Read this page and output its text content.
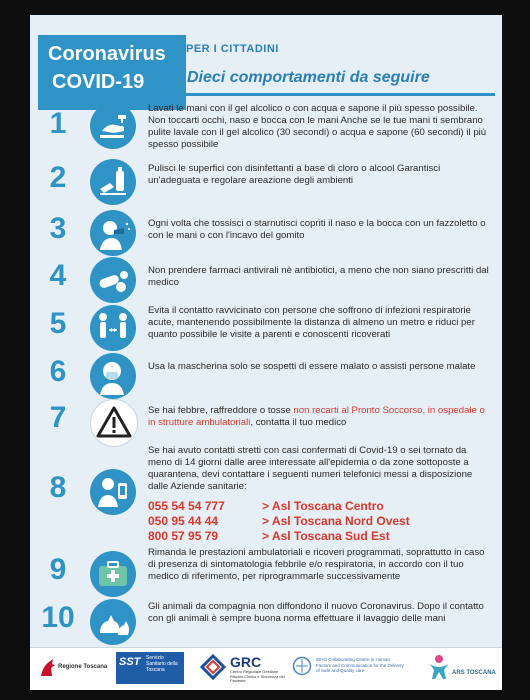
Coronavirus
COVID-19
PER I CITTADINI
Dieci comportamenti da seguire
1	Lavati le mani con il gel alcolico o con acqua e sapone il più spesso possibile. Non toccarti occhi, naso e bocca con le mani Anche se le tue mani ti sembrano pulite lavale con il gel alcolico (30 secondi) o acqua e sapone (60 secondi) il più spesso possibile
2	Pulisci le superfici con disinfettanti a base di cloro o alcool Garantisci un'adeguata e regolare areazione degli ambienti
3	Ogni volta che tossisci o starnutisci copriti il naso e la bocca con un fazzoletto o con le mani o con l'incavo del gomito
4	Non prendere farmaci antivirali nè antibiotici, a meno che non siano prescritti dal medico
5	Evita il contatto ravvicinato con persone che soffrono di infezioni respiratorie acute, mantenendo possibilmente la distanza di almeno un metro e riduci per quanto possibile le visite a parenti e conoscenti ricoverati
6	Usa la mascherina solo se sospetti di essere malato o assisti persone malate
7	Se hai febbre, raffreddore o tosse non recarti al Pronto Soccorso, in ospedale o in strutture ambulatoriali, contatta il tuo medico
8
Se hai avuto contatti stretti con casi confermati di Covid-19 o sei tornato da meno di 14 giorni dalle aree interessate all'epidemia o da zone sottoposte a quarantena, devi contattare i seguenti numeri telefonici messi a disposizione dalle Aziende sanitarie:
055 54 54 777	> Asl Toscana Centro
050 95 44 44	> Asl Toscana Nord Ovest
800 57 95 79	> Asl Toscana Sud Est
9
Rimanda le prestazioni ambulatoriali e ricoveri programmati, soprattutto in caso di presenza di sintomatologia febbrile e/o respiratoria, in accordo con il tuo medico di riferimento, per riprogrammarle successivamente
10	Gli animali da compagnia non diffondono il nuovo Coronavirus. Dopo il contatto con gli animali è sempre buona norma effettuare il lavaggio delle mani
Regione Toscana SST Servizio Sanitario della Toscana	GRC
Centro Regionale Gestione Rischio Clinico e Sicurezza del Paziente
WHO Collaborating Centre in Human Factors and Communication for the Delivery of Safe and Quality care	ARS TOSCANA
